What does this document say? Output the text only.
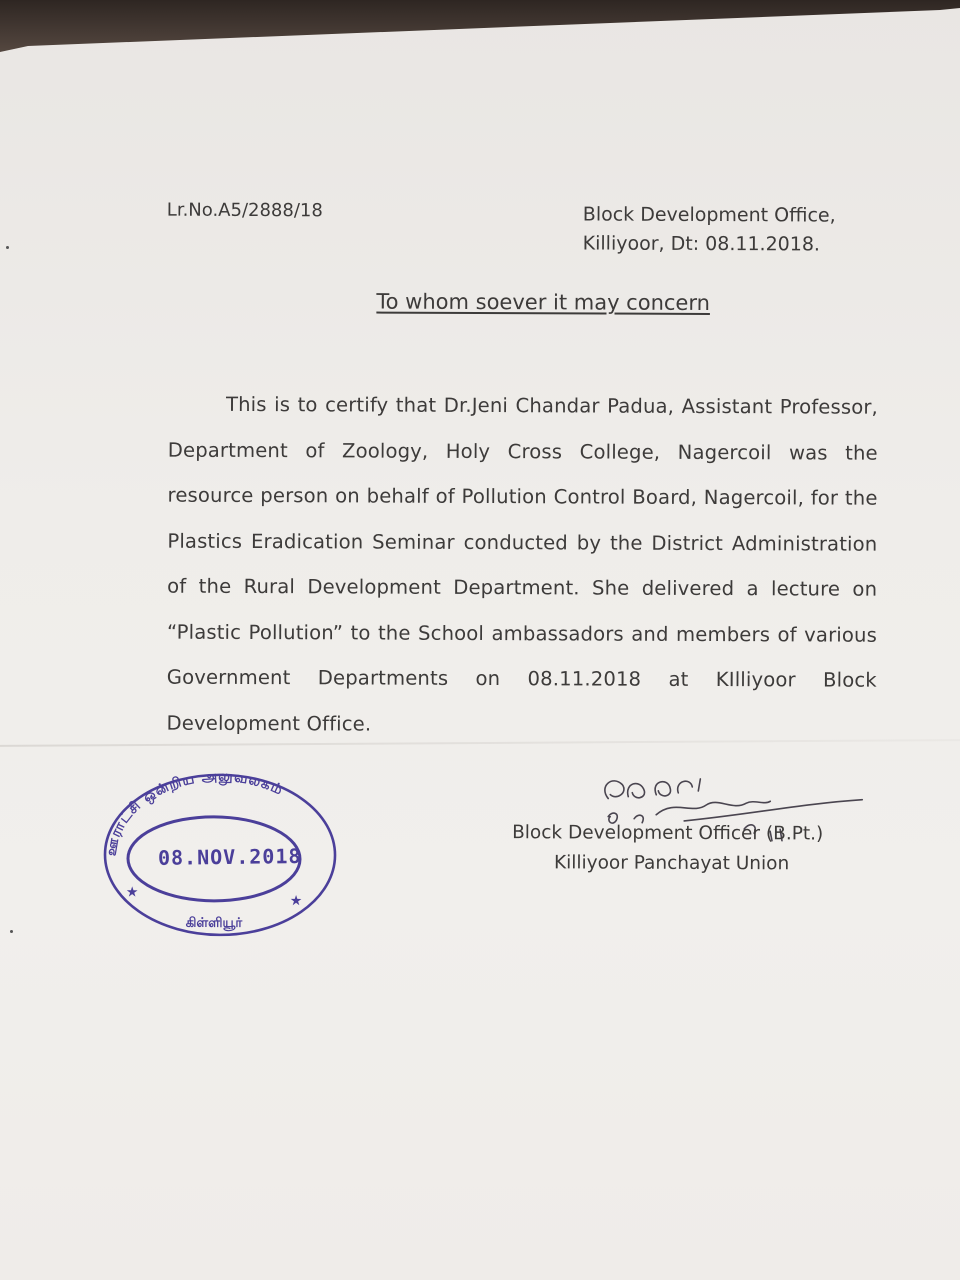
Lr.No.A5/2888/18	Block Development Office,
Killiyoor, Dt: 08.11.2018.
To whom soever it may concern
This is to certify that Dr.Jeni Chandar Padua, Assistant Professor, Department of Zoology, Holy Cross College, Nagercoil was the resource person on behalf of Pollution Control Board, Nagercoil, for the Plastics Eradication Seminar conducted by the District Administration of the Rural Development Department. She delivered a lecture on “Plastic Pollution” to the School ambassadors and members of various Government Departments on 08.11.2018 at KIlliyoor Block Development Office.
Block Development Officer (B.Pt.)
Killiyoor Panchayat Union
ஊராட்சி ஒன்றிய அலுவலகம்
கிள்ளியூர்
★
★
08.NOV.2018
